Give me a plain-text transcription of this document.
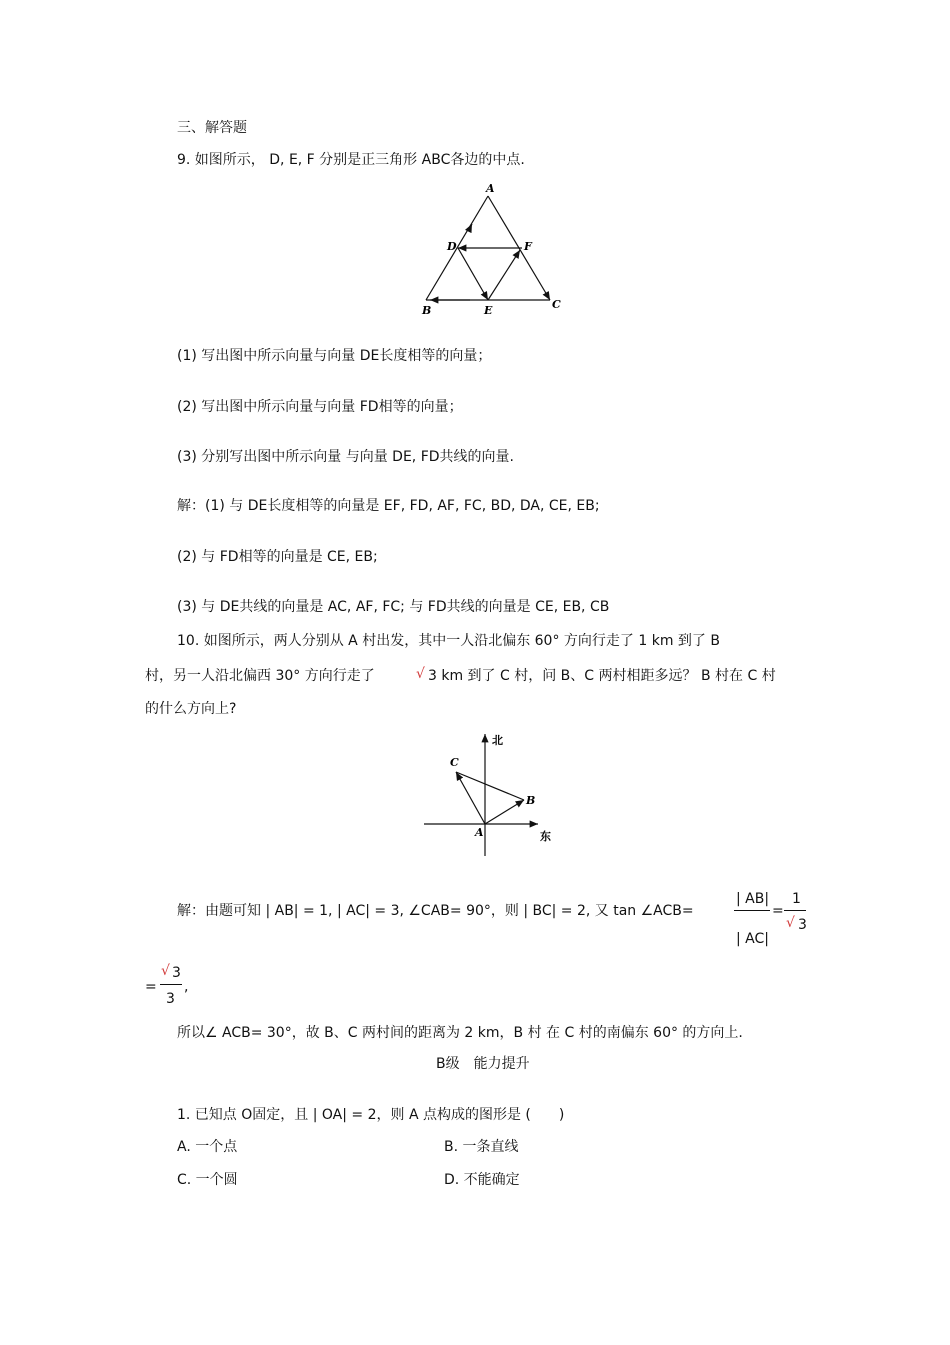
三、解答题
9. 如图所示， D, E, F 分别是正三角形 ABC各边的中点.
A
B	C
D
E
F
(1) 写出图中所示向量与向量 DE长度相等的向量；
(2) 写出图中所示向量与向量 FD相等的向量；
(3) 分别写出图中所示向量 与向量 DE, FD共线的向量.
解：(1) 与 DE长度相等的向量是 EF, FD, AF, FC, BD, DA, CE, EB;
(2) 与 FD相等的向量是 CE, EB;
(3) 与 DE共线的向量是 AC, AF, FC; 与 FD共线的向量是 CE, EB, CB
10. 如图所示，两人分别从 A 村出发，其中一人沿北偏东 60° 方向行走了 1 km 到了 B
村，另一人沿北偏西 30° 方向行走了	√ 3 km 到了 C 村，问 B、C 两村相距多远？ B 村在 C 村
的什么方向上?
北
东
A
B
C
解：由题可知 | AB| = 1, | AC| = 3, ∠CAB= 90°，则 | BC| = 2, 又 tan ∠ACB=
| AB|
| AC|
=
1
√ 3
=
√ 3
3
,
所以∠ ACB= 30°，故 B、C 两村间的距离为 2 km，B 村 在 C 村的南偏东 60° 的方向上.
B级　能力提升
1. 已知点 O固定，且 | OA| = 2，则 A 点构成的图形是 (　　)
A. 一个点	B. 一条直线
C. 一个圆	D. 不能确定
